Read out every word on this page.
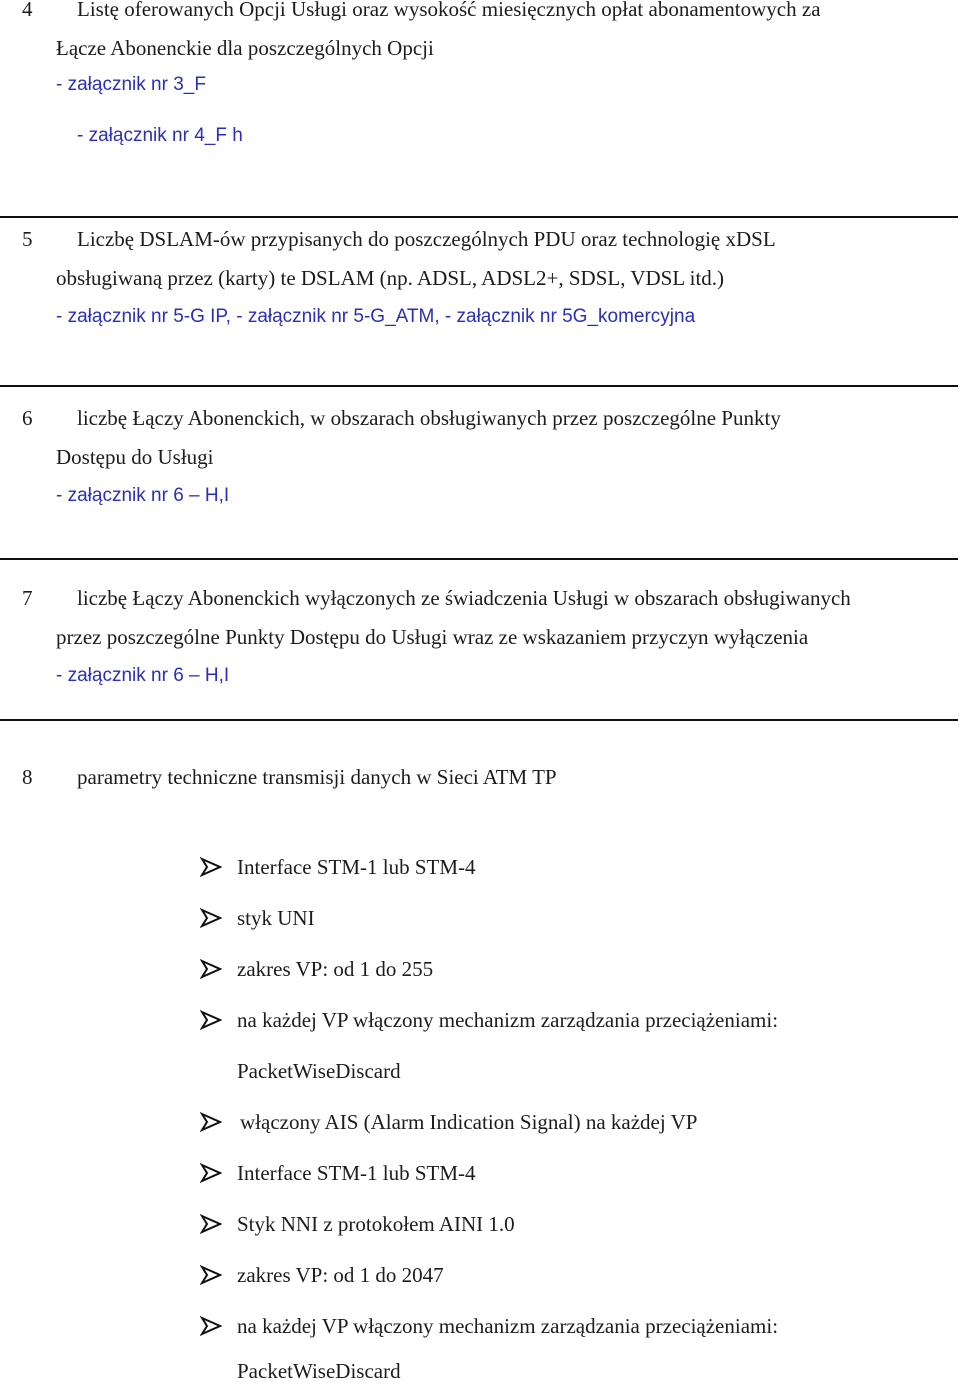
4 Listę oferowanych Opcji Usługi oraz wysokość miesięcznych opłat abonamentowych za
Łącze Abonenckie dla poszczególnych Opcji
- załącznik nr 3_F
- załącznik nr 4_F h
5 Liczbę DSLAM-ów przypisanych do poszczególnych PDU oraz technologię xDSL
obsługiwaną przez (karty) te DSLAM (np. ADSL, ADSL2+, SDSL, VDSL itd.)
- załącznik nr 5-G IP, - załącznik nr 5-G_ATM, - załącznik nr 5G_komercyjna
6 liczbę Łączy Abonenckich, w obszarach obsługiwanych przez poszczególne Punkty
Dostępu do Usługi
- załącznik nr 6 – H,I
7 liczbę Łączy Abonenckich wyłączonych ze świadczenia Usługi w obszarach obsługiwanych
przez poszczególne Punkty Dostępu do Usługi wraz ze wskazaniem przyczyn wyłączenia
- załącznik nr 6 – H,I
8 parametry techniczne transmisji danych w Sieci ATM TP
Interface STM-1 lub STM-4
styk UNI
zakres VP: od 1 do 255
na każdej VP włączony mechanizm zarządzania przeciążeniami:
PacketWiseDiscard
włączony AIS (Alarm Indication Signal) na każdej VP
Interface STM-1 lub STM-4
Styk NNI z protokołem AINI 1.0
zakres VP: od 1 do 2047
na każdej VP włączony mechanizm zarządzania przeciążeniami:
PacketWiseDiscard
